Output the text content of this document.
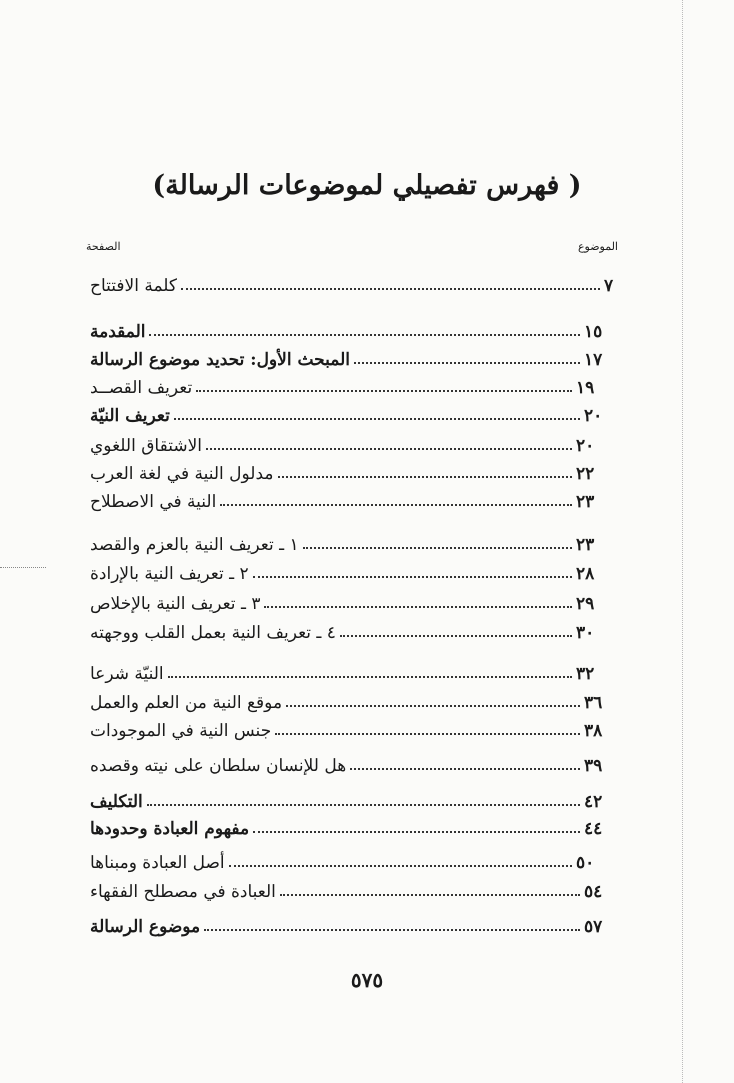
( فهرس تفصيلي لموضوعات الرسالة)
الموضوع
الصفحة
كلمة الافتتاح	٧
المقدمة	١٥
المبحث الأول: تحديد موضوع الرسالة	١٧
تعريف القصــد	١٩
تعريف النيّة	٢٠
الاشتقاق اللغوي	٢٠
مدلول النية في لغة العرب	٢٢
النية في الاصطلاح	٢٣
١ ـ تعريف النية بالعزم والقصد	٢٣
٢ ـ تعريف النية بالإرادة	٢٨
٣ ـ تعريف النية بالإخلاص	٢٩
٤ ـ تعريف النية بعمل القلب ووجهته	٣٠
النيّة شرعا	٣٢
موقع النية من العلم والعمل	٣٦
جنس النية في الموجودات	٣٨
هل للإنسان سلطان على نيته وقصده	٣٩
التكليف	٤٢
مفهوم العبادة وحدودها	٤٤
أصل العبادة ومبناها	٥٠
العبادة في مصطلح الفقهاء	٥٤
موضوع الرسالة	٥٧
٥٧٥
